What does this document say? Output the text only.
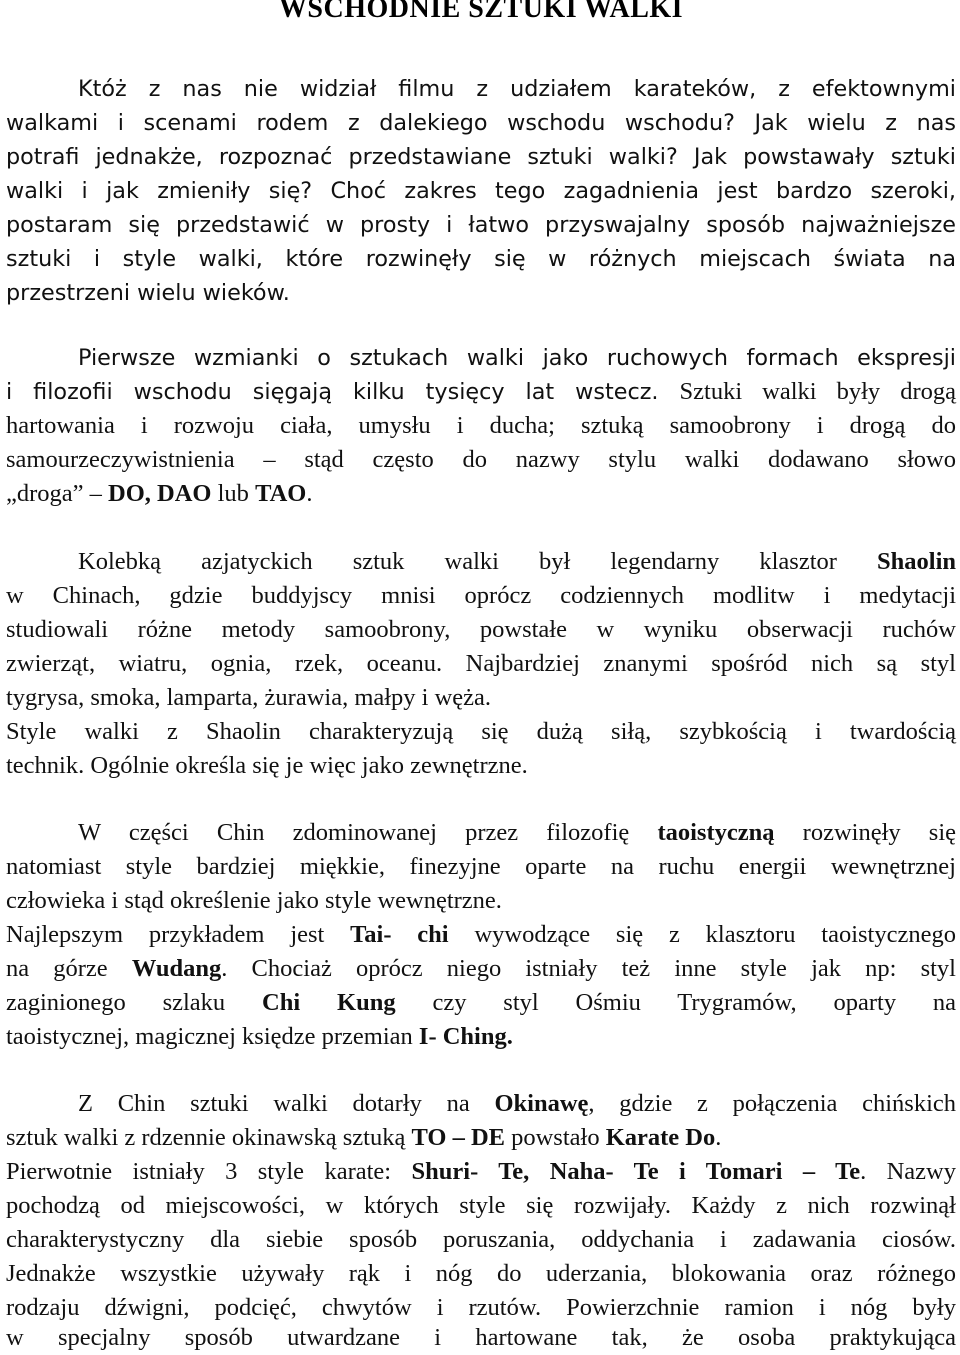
WSCHODNIE SZTUKI WALKI
Któż z nas nie widział filmu z udziałem karateków, z efektownymi
walkami i scenami rodem z dalekiego wschodu wschodu? Jak wielu z nas
potrafi jednakże, rozpoznać przedstawiane sztuki walki? Jak powstawały sztuki
walki i jak zmieniły się? Choć zakres tego zagadnienia jest bardzo szeroki,
postaram się przedstawić w prosty i łatwo przyswajalny sposób najważniejsze
sztuki i style walki, które rozwinęły się w różnych miejscach świata na
przestrzeni wielu wieków.
Pierwsze wzmianki o sztukach walki jako ruchowych formach ekspresji
i filozofii wschodu sięgają kilku tysięcy lat wstecz. Sztuki walki były drogą
hartowania i rozwoju ciała, umysłu i ducha; sztuką samoobrony i drogą do
samourzeczywistnienia – stąd często do nazwy stylu walki dodawano słowo
„droga” – DO, DAO lub TAO.
Kolebką azjatyckich sztuk walki był legendarny klasztor Shaolin
w Chinach, gdzie buddyjscy mnisi oprócz codziennych modlitw i medytacji
studiowali różne metody samoobrony, powstałe w wyniku obserwacji ruchów
zwierząt, wiatru, ognia, rzek, oceanu. Najbardziej znanymi spośród nich są styl
tygrysa, smoka, lamparta, żurawia, małpy i węża.
Style walki z Shaolin charakteryzują się dużą siłą, szybkością i twardością
technik. Ogólnie określa się je więc jako zewnętrzne.
W części Chin zdominowanej przez filozofię taoistyczną rozwinęły się
natomiast style bardziej miękkie, finezyjne oparte na ruchu energii wewnętrznej
człowieka i stąd określenie jako style wewnętrzne.
Najlepszym przykładem jest Tai- chi wywodzące się z klasztoru taoistycznego
na górze Wudang. Chociaż oprócz niego istniały też inne style jak np: styl
zaginionego szlaku Chi Kung czy styl Ośmiu Trygramów, oparty na
taoistycznej, magicznej księdze przemian I- Ching.
Z Chin sztuki walki dotarły na Okinawę, gdzie z połączenia chińskich
sztuk walki z rdzennie okinawską sztuką TO – DE powstało Karate Do.
Pierwotnie istniały 3 style karate: Shuri- Te, Naha- Te i Tomari – Te. Nazwy
pochodzą od miejscowości, w których style się rozwijały. Każdy z nich rozwinął
charakterystyczny dla siebie sposób poruszania, oddychania i zadawania ciosów.
Jednakże wszystkie używały rąk i nóg do uderzania, blokowania oraz różnego
rodzaju dźwigni, podcięć, chwytów i rzutów. Powierzchnie ramion i nóg były
w specjalny sposób utwardzane i hartowane tak, że osoba praktykująca
